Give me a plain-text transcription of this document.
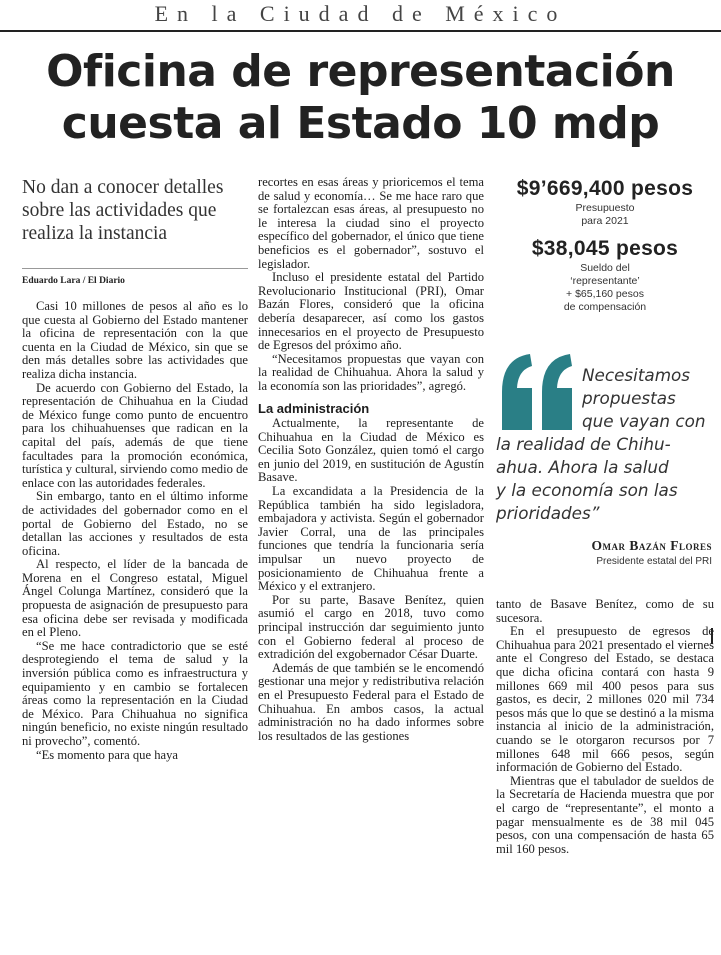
En la Ciudad de México
Oficina de representación
cuesta al Estado 10 mdp
No dan a conocer detalles sobre las actividades que realiza la instancia
Eduardo Lara / El Diario

Casi 10 millones de pesos al año es lo que cuesta al Gobierno del Estado mantener la oficina de representación con la que cuenta en la Ciudad de México, sin que se den más detalles sobre las actividades que realiza dicha instancia.

De acuerdo con Gobierno del Estado, la representación de Chihuahua en la Ciudad de México funge como punto de encuentro para los chihuahuenses que radican en la capital del país, además de que tiene facultades para la promoción económica, turística y cultural, sirviendo como medio de enlace con las autoridades federales.

Sin embargo, tanto en el último informe de actividades del gobernador como en el portal de Gobierno del Estado, no se detallan las acciones y resultados de esta oficina.

Al respecto, el líder de la bancada de Morena en el Congreso estatal, Miguel Ángel Colunga Martínez, consideró que la propuesta de asignación de presupuesto para esa oficina debe ser revisada y modificada en el Pleno.

“Se me hace contradictorio que se esté desprotegiendo el tema de salud y la inversión pública como es infraestructura y equipamiento y en cambio se fortalecen áreas como la representación en la Ciudad de México. Para Chihuahua no significa ningún beneficio, no existe ningún resultado ni provecho”, comentó.

“Es momento para que haya

recortes en esas áreas y prioricemos el tema de salud y economía… Se me hace raro que se fortalezcan esas áreas, al presupuesto no le interesa la ciudad sino el proyecto específico del gobernador, el único que tiene beneficios es el gobernador”, sostuvo el legislador.

Incluso el presidente estatal del Partido Revolucionario Institucional (PRI), Omar Bazán Flores, consideró que la oficina debería desaparecer, así como los gastos innecesarios en el proyecto de Presupuesto de Egresos del próximo año.

“Necesitamos propuestas que vayan con la realidad de Chihuahua. Ahora la salud y la economía son las prioridades”, agregó.

La administración

Actualmente, la representante de Chihuahua en la Ciudad de México es Cecilia Soto González, quien tomó el cargo en junio del 2019, en sustitución de Agustín Basave.

La excandidata a la Presidencia de la República también ha sido legisladora, embajadora y activista. Según el gobernador Javier Corral, una de las principales funciones que tendría la funcionaria sería impulsar un nuevo proyecto de posicionamiento de Chihuahua frente a México y el extranjero.

Por su parte, Basave Benítez, quien asumió el cargo en 2018, tuvo como principal instrucción dar seguimiento junto con el Gobierno federal al proceso de extradición del exgobernador César Duarte.

Además de que también se le encomendó gestionar una mejor y redistributiva relación en el Presupuesto Federal para el Estado de Chihuahua. En ambos casos, la actual administración no ha dado informes sobre los resultados de las gestiones

$9’669,400 pesos
Presupuesto
para 2021
$38,045 pesos
Sueldo del
‘representante’
+ $65,160 pesos
de compensación
Necesitamos
propuestas
que vayan con
la realidad de Chihu-
ahua. Ahora la salud
y la economía son las
prioridades”
Omar Bazán Flores
Presidente estatal del PRI

tanto de Basave Benítez, como de su sucesora.

En el presupuesto de egresos de Chihuahua para 2021 presentado el viernes ante el Congreso del Estado, se destaca que dicha oficina contará con hasta 9 millones 669 mil 400 pesos para sus gastos, es decir, 2 millones 020 mil 734 pesos más que lo que se destinó a la misma instancia al inicio de la administración, cuando se le otorgaron recursos por 7 millones 648 mil 666 pesos, según información de Gobierno del Estado.

Mientras que el tabulador de sueldos de la Secretaría de Hacienda muestra que por el cargo de “representante”, el monto a pagar mensualmente es de 38 mil 045 pesos, con una compensación de hasta 65 mil 160 pesos.
